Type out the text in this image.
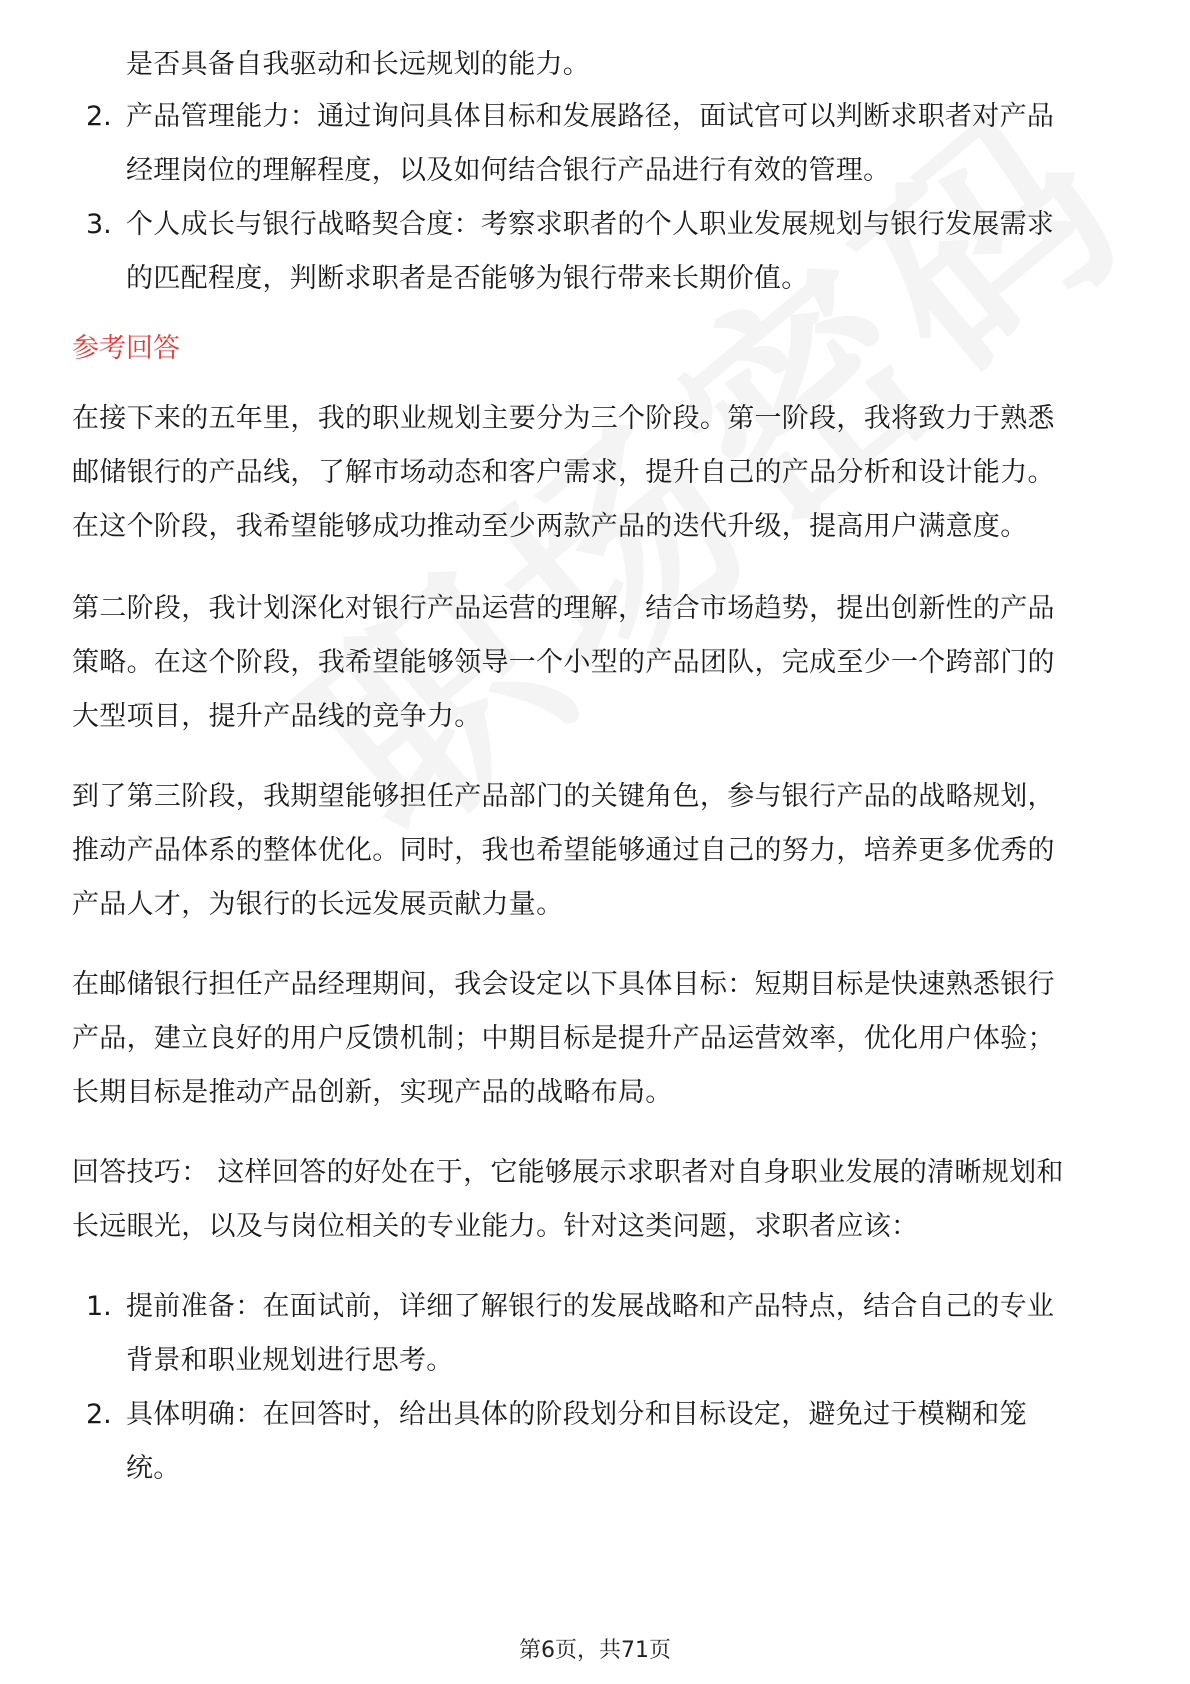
是否具备自我驱动和长远规划的能力。
2. 产品管理能力：通过询问具体目标和发展路径，面试官可以判断求职者对产品
经理岗位的理解程度，以及如何结合银行产品进行有效的管理。
3. 个人成长与银行战略契合度：考察求职者的个人职业发展规划与银行发展需求
的匹配程度，判断求职者是否能够为银行带来长期价值。
参考回答
在接下来的五年里，我的职业规划主要分为三个阶段。第一阶段，我将致力于熟悉
邮储银行的产品线，了解市场动态和客户需求，提升自己的产品分析和设计能力。
在这个阶段，我希望能够成功推动至少两款产品的迭代升级，提高用户满意度。
第二阶段，我计划深化对银行产品运营的理解，结合市场趋势，提出创新性的产品
策略。在这个阶段，我希望能够领导一个小型的产品团队，完成至少一个跨部门的
大型项目，提升产品线的竞争力。
到了第三阶段，我期望能够担任产品部门的关键角色，参与银行产品的战略规划，
推动产品体系的整体优化。同时，我也希望能够通过自己的努力，培养更多优秀的
产品人才，为银行的长远发展贡献力量。
在邮储银行担任产品经理期间，我会设定以下具体目标：短期目标是快速熟悉银行
产品，建立良好的用户反馈机制；中期目标是提升产品运营效率，优化用户体验；
长期目标是推动产品创新，实现产品的战略布局。
回答技巧： 这样回答的好处在于，它能够展示求职者对自身职业发展的清晰规划和
长远眼光，以及与岗位相关的专业能力。针对这类问题，求职者应该：
1. 提前准备：在面试前，详细了解银行的发展战略和产品特点，结合自己的专业
背景和职业规划进行思考。
2. 具体明确：在回答时，给出具体的阶段划分和目标设定，避免过于模糊和笼
统。
第6页，共71页
